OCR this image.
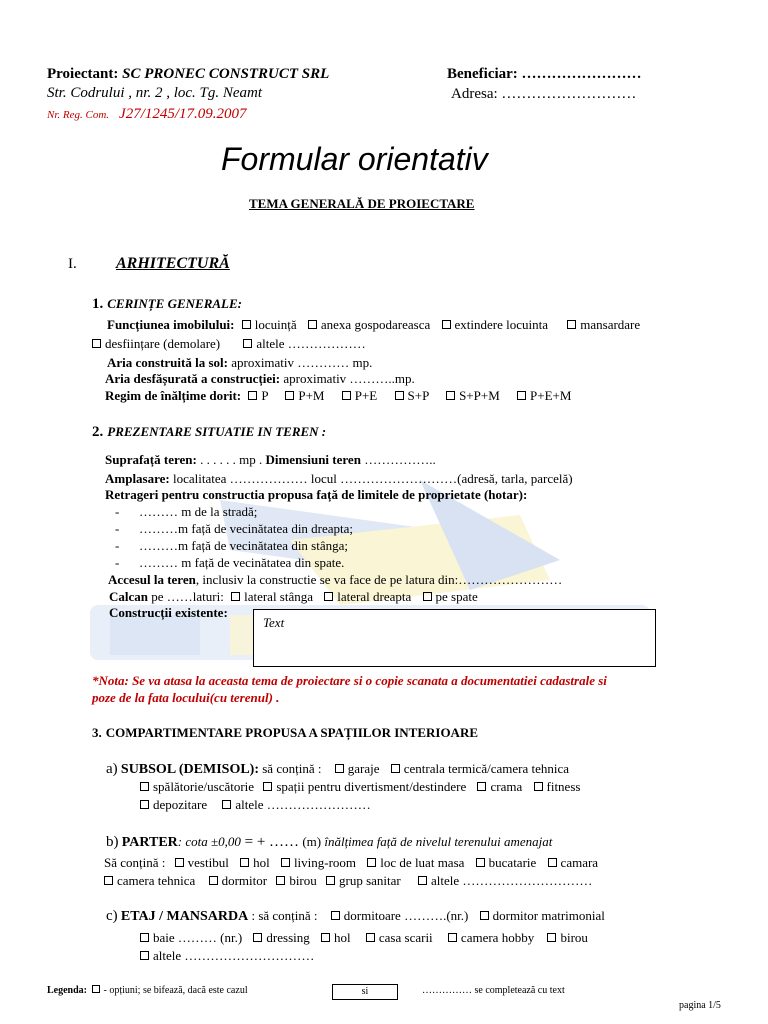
Proiectant: SC PRONEC CONSTRUCT SRL
Str. Codrului , nr. 2 , loc. Tg. Neamt
Nr. Reg. Com. J27/1245/17.09.2007
Beneficiar: ……………………
Adresa: ………………………
Formular orientativ
TEMA GENERALĂ DE PROIECTARE
I. ARHITECTURĂ
1. CERINȚE GENERALE:
Funcțiunea imobilului: locuință anexa gospodareasca extindere locuinta mansardare
desființare (demolare)	altele ………………
Aria construită la sol: aproximativ ………… mp.
Aria desfășurată a construcției: aproximativ ………..mp.
Regim de înălțime dorit: P P+M P+E S+P S+P+M P+E+M
2. PREZENTARE SITUATIE IN TEREN :
Suprafață teren: . . . . . . mp . Dimensiuni teren ……………..
Amplasare: localitatea ……………… locul ………………………(adresă, tarla, parcelă)
Retrageri pentru constructia propusa față de limitele de proprietate (hotar):
- ……… m de la stradă;
- ………m față de vecinătatea din dreapta;
- ………m față de vecinătatea din stânga;
- ……… m față de vecinătatea din spate.
Accesul la teren, inclusiv la constructie se va face de pe latura din:……………………
Calcan pe ……laturi: lateral stânga lateral dreapta pe spate
Construcții existente:
Text
*Nota: Se va atasa la aceasta tema de proiectare si o copie scanata a documentatiei cadastrale si
poze de la fata locului(cu terenul) .
3. COMPARTIMENTARE PROPUSA A SPAȚIILOR INTERIOARE
a) SUBSOL (DEMISOL): să conțină : garaje centrala termică/camera tehnica
spălătorie/uscătorie spații pentru divertisment/destindere crama fitness
depozitare altele ……………………
b) PARTER: cota ±0,00 = + …… (m) înălțimea față de nivelul terenului amenajat
Să conțină : vestibul hol living-room loc de luat masa bucatarie camara
camera tehnica dormitor birou grup sanitar altele …………………………
c) ETAJ / MANSARDA : să conțină : dormitoare ……….(nr.) dormitor matrimonial
baie ……… (nr.) dressing hol casa scarii camera hobby birou
altele …………………………
Legenda: - opțiuni; se bifează, dacă este cazul	si	…………… se completează cu text
pagina 1/5
